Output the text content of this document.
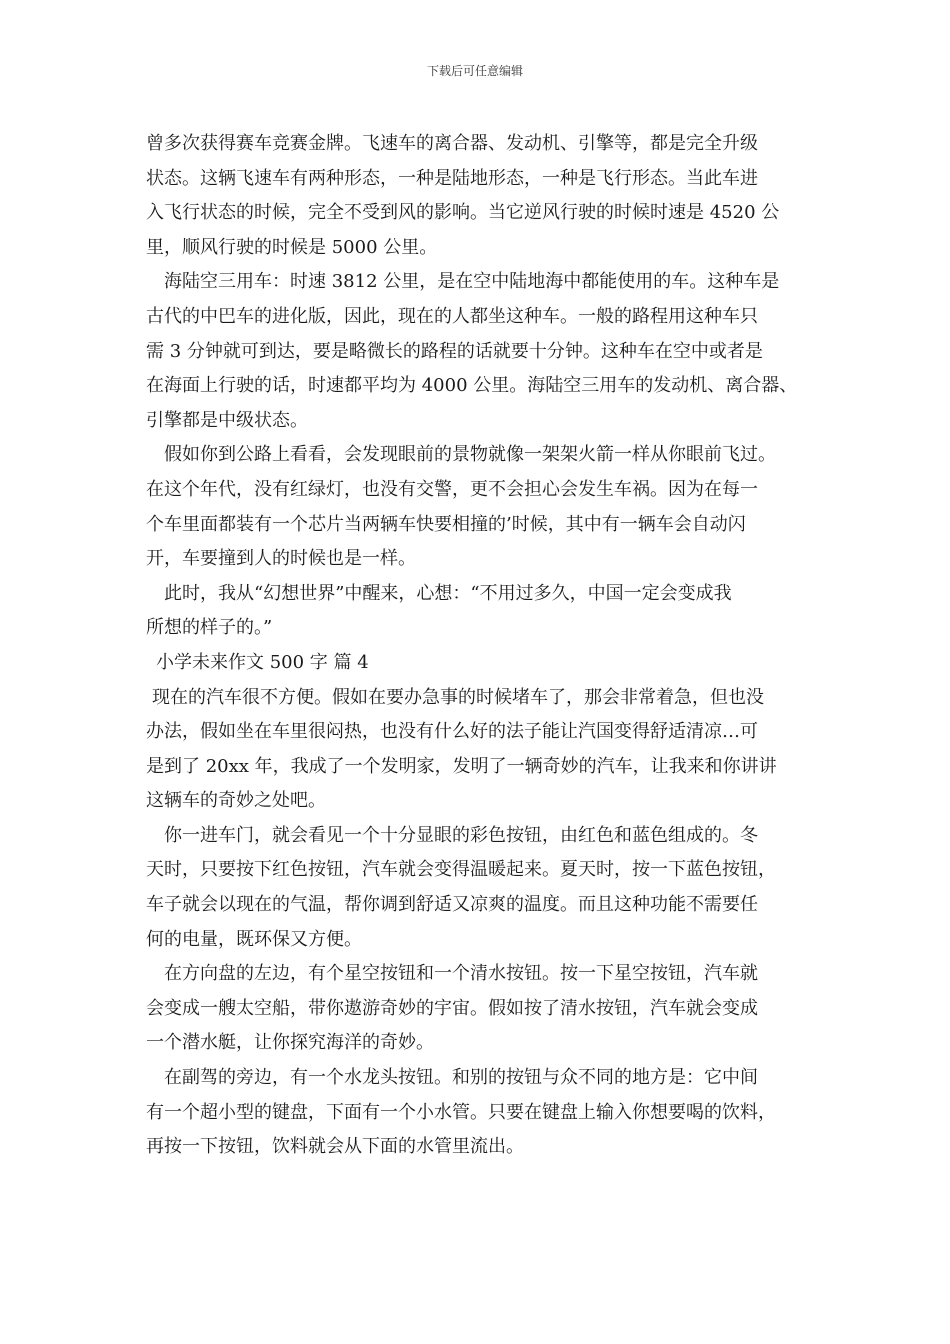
下载后可任意编辑
曾多次获得赛车竞赛金牌。飞速车的离合器、发动机、引擎等，都是完全升级
状态。这辆飞速车有两种形态，一种是陆地形态，一种是飞行形态。当此车进
入飞行状态的时候，完全不受到风的影响。当它逆风行驶的时候时速是 4520 公
里，顺风行驶的时候是 5000 公里。
海陆空三用车：时速 3812 公里，是在空中陆地海中都能使用的车。这种车是
古代的中巴车的进化版，因此，现在的人都坐这种车。一般的路程用这种车只
需 3 分钟就可到达，要是略微长的路程的话就要十分钟。这种车在空中或者是
在海面上行驶的话，时速都平均为 4000 公里。海陆空三用车的发动机、离合器、
引擎都是中级状态。
假如你到公路上看看，会发现眼前的景物就像一架架火箭一样从你眼前飞过。
在这个年代，没有红绿灯，也没有交警，更不会担心会发生车祸。因为在每一
个车里面都装有一个芯片当两辆车快要相撞的’时候，其中有一辆车会自动闪
开，车要撞到人的时候也是一样。
此时，我从“幻想世界”中醒来，心想：“不用过多久，中国一定会变成我
所想的样子的。”
小学未来作文 500 字 篇 4
现在的汽车很不方便。假如在要办急事的时候堵车了，那会非常着急，但也没
办法，假如坐在车里很闷热，也没有什么好的法子能让汽国变得舒适清凉…可
是到了 20xx 年，我成了一个发明家，发明了一辆奇妙的汽车，让我来和你讲讲
这辆车的奇妙之处吧。
你一进车门，就会看见一个十分显眼的彩色按钮，由红色和蓝色组成的。冬
天时，只要按下红色按钮，汽车就会变得温暖起来。夏天时，按一下蓝色按钮，
车子就会以现在的气温，帮你调到舒适又凉爽的温度。而且这种功能不需要任
何的电量，既环保又方便。
在方向盘的左边，有个星空按钮和一个清水按钮。按一下星空按钮，汽车就
会变成一艘太空船，带你遨游奇妙的宇宙。假如按了清水按钮，汽车就会变成
一个潜水艇，让你探究海洋的奇妙。
在副驾的旁边，有一个水龙头按钮。和别的按钮与众不同的地方是：它中间
有一个超小型的键盘，下面有一个小水管。只要在键盘上输入你想要喝的饮料，
再按一下按钮，饮料就会从下面的水管里流出。
